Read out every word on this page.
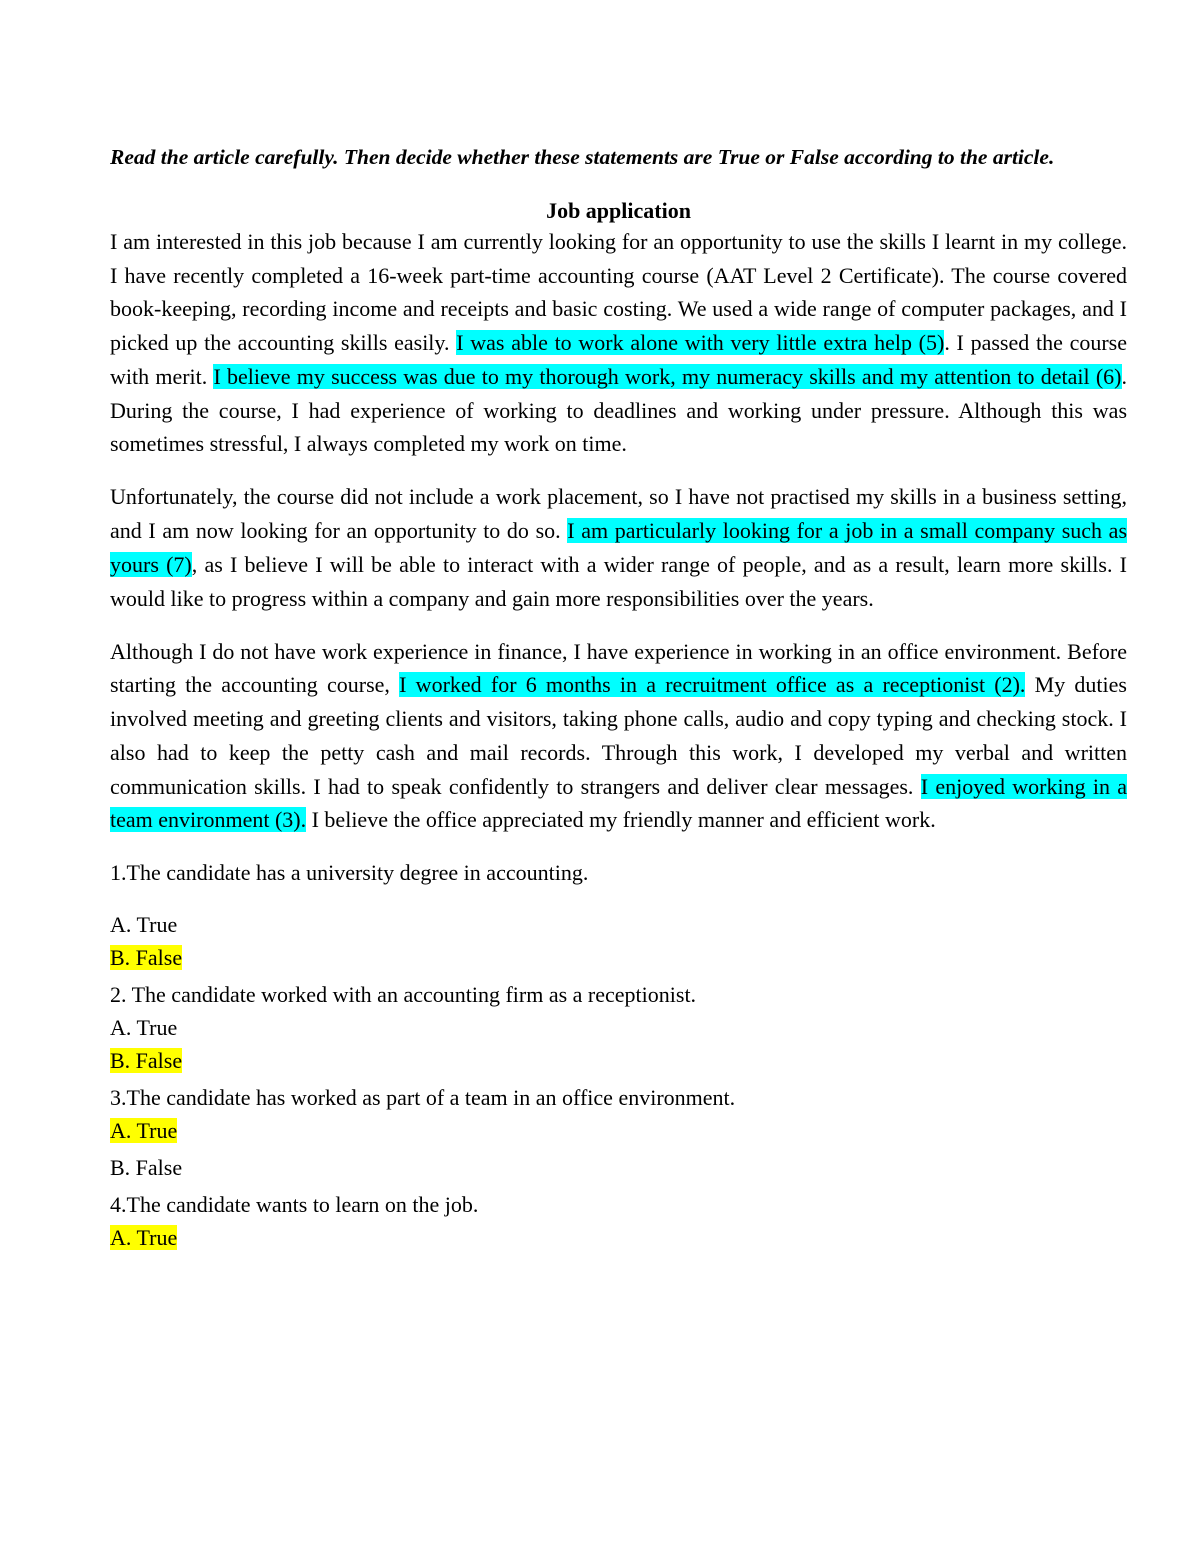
Read the article carefully. Then decide whether these statements are True or False according to the article.

Job application

I am interested in this job because I am currently looking for an opportunity to use the skills I learnt in my college. I have recently completed a 16-week part-time accounting course (AAT Level 2 Certificate). The course covered book-keeping, recording income and receipts and basic costing. We used a wide range of computer packages, and I picked up the accounting skills easily. I was able to work alone with very little extra help (5). I passed the course with merit. I believe my success was due to my thorough work, my numeracy skills and my attention to detail (6). During the course, I had experience of working to deadlines and working under pressure. Although this was sometimes stressful, I always completed my work on time.

Unfortunately, the course did not include a work placement, so I have not practised my skills in a business setting, and I am now looking for an opportunity to do so. I am particularly looking for a job in a small company such as yours (7), as I believe I will be able to interact with a wider range of people, and as a result, learn more skills. I would like to progress within a company and gain more responsibilities over the years.

Although I do not have work experience in finance, I have experience in working in an office environment. Before starting the accounting course, I worked for 6 months in a recruitment office as a receptionist (2). My duties involved meeting and greeting clients and visitors, taking phone calls, audio and copy typing and checking stock. I also had to keep the petty cash and mail records. Through this work, I developed my verbal and written communication skills. I had to speak confidently to strangers and deliver clear messages. I enjoyed working in a team environment (3). I believe the office appreciated my friendly manner and efficient work.

1.The candidate has a university degree in accounting.

A. True

B. False

2. The candidate worked with an accounting firm as a receptionist.

A. True

B. False

3.The candidate has worked as part of a team in an office environment.

A. True

B. False

4.The candidate wants to learn on the job.

A. True
